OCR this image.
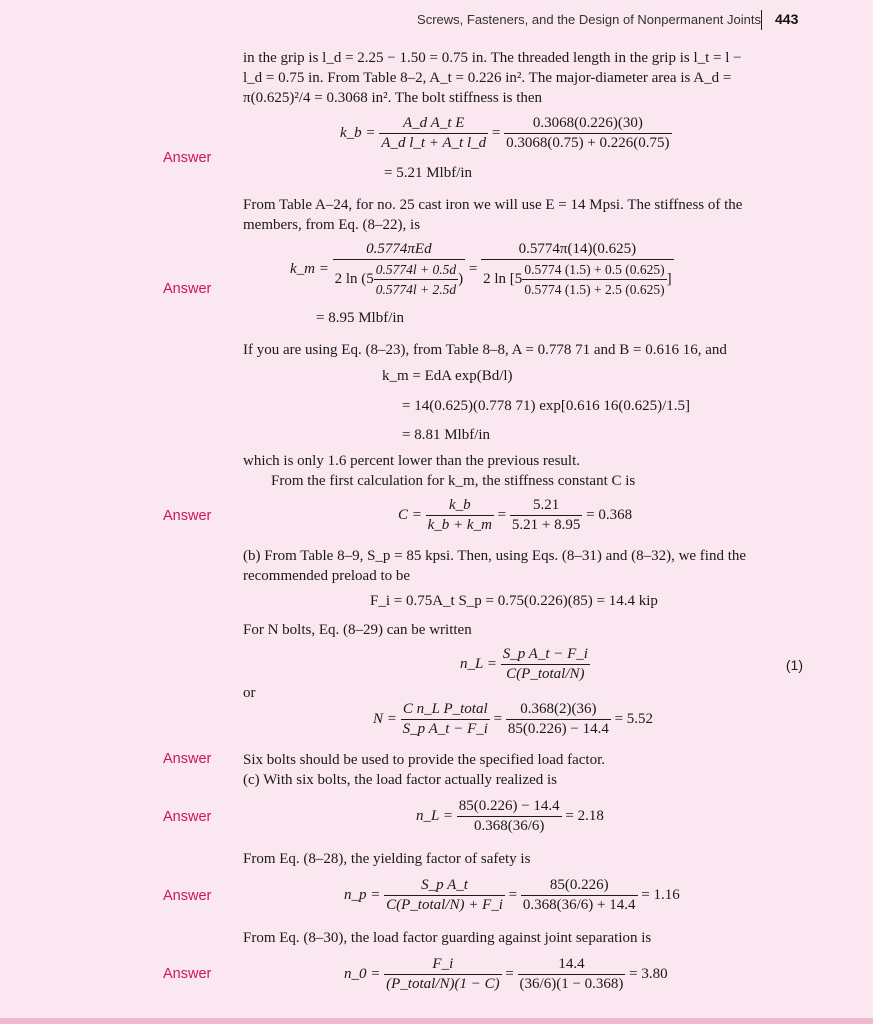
Screws, Fasteners, and the Design of Nonpermanent Joints 443
Answer
Answer
Answer
Answer
Answer
Answer
Answer
in the grip is l_d = 2.25 − 1.50 = 0.75 in. The threaded length in the grip is l_t = l −
l_d = 0.75 in. From Table 8–2, A_t = 0.226 in². The major-diameter area is A_d =
π(0.625)²/4 = 0.3068 in². The bolt stiffness is then
k_b = $\frac{\text{A\_d A\_t E}}{\text{A\_d l\_t + A\_t l\_d}} = \frac{0.3068(0.226)(30)}{0.3068(0.75) + 0.226(0.75)}$
= 5.21 Mlbf/in
From Table A–24, for no. 25 cast iron we will use E = 14 Mpsi. The stiffness of the
members, from Eq. (8–22), is
k_m = $\frac{\text{0.5774πEd}}{2 \ln (5 \frac{0.5774l + 0.5d}{0.5774l + 2.5d} )} = \frac{0.5774\pi(14)(0.625)}{2 \ln [5 \frac{0.5774 (1.5) + 0.5 (0.625)}{0.5774 (1.5) + 2.5 (0.625)} ]}$
= 8.95 Mlbf/in
If you are using Eq. (8–23), from Table 8–8, A = 0.778 71 and B = 0.616 16, and
k_m = EdA exp(Bd/l)
= 14(0.625)(0.778 71) exp[0.616 16(0.625)/1.5]
= 8.81 Mlbf/in
which is only 1.6 percent lower than the previous result.
From the first calculation for k_m, the stiffness constant C is
$C = \frac{k\_b}{k\_b + k\_m} = \frac{5.21}{5.21 + 8.95} = 0.368$
(b) From Table 8–9, S_p = 85 kpsi. Then, using Eqs. (8–31) and (8–32), we find the
recommended preload to be
F_i = 0.75A_t S_p = 0.75(0.226)(85) = 14.4 kip
For N bolts, Eq. (8–29) can be written
n_L = $\frac{\text{S\_p A\_t − F\_i}}{\text{C(P\_total/N)}}$	(1)
or
$N = \frac{\text{C n\_L P\_total}}{\text{S\_p A\_t − F\_i}} = \frac{0.368(2)(36)}{85(0.226) - 14.4} = 5.52$
Six bolts should be used to provide the specified load factor.
(c) With six bolts, the load factor actually realized is
n_L = $\frac{85(0.226) - 14.4}{0.368(36/6)} = 2.18$
From Eq. (8–28), the yielding factor of safety is
n_p = $\frac{\text{S\_p A\_t}}{\text{C(P\_total/N) + F\_i}} = \frac{85(0.226)}{0.368(36/6) + 14.4} = 1.16$
From Eq. (8–30), the load factor guarding against joint separation is
n_0 = $\frac{F\_i}{\text{(P\_total/N)(1 − C)}} = \frac{14.4}{(36/6)(1 - 0.368)} = 3.80$
